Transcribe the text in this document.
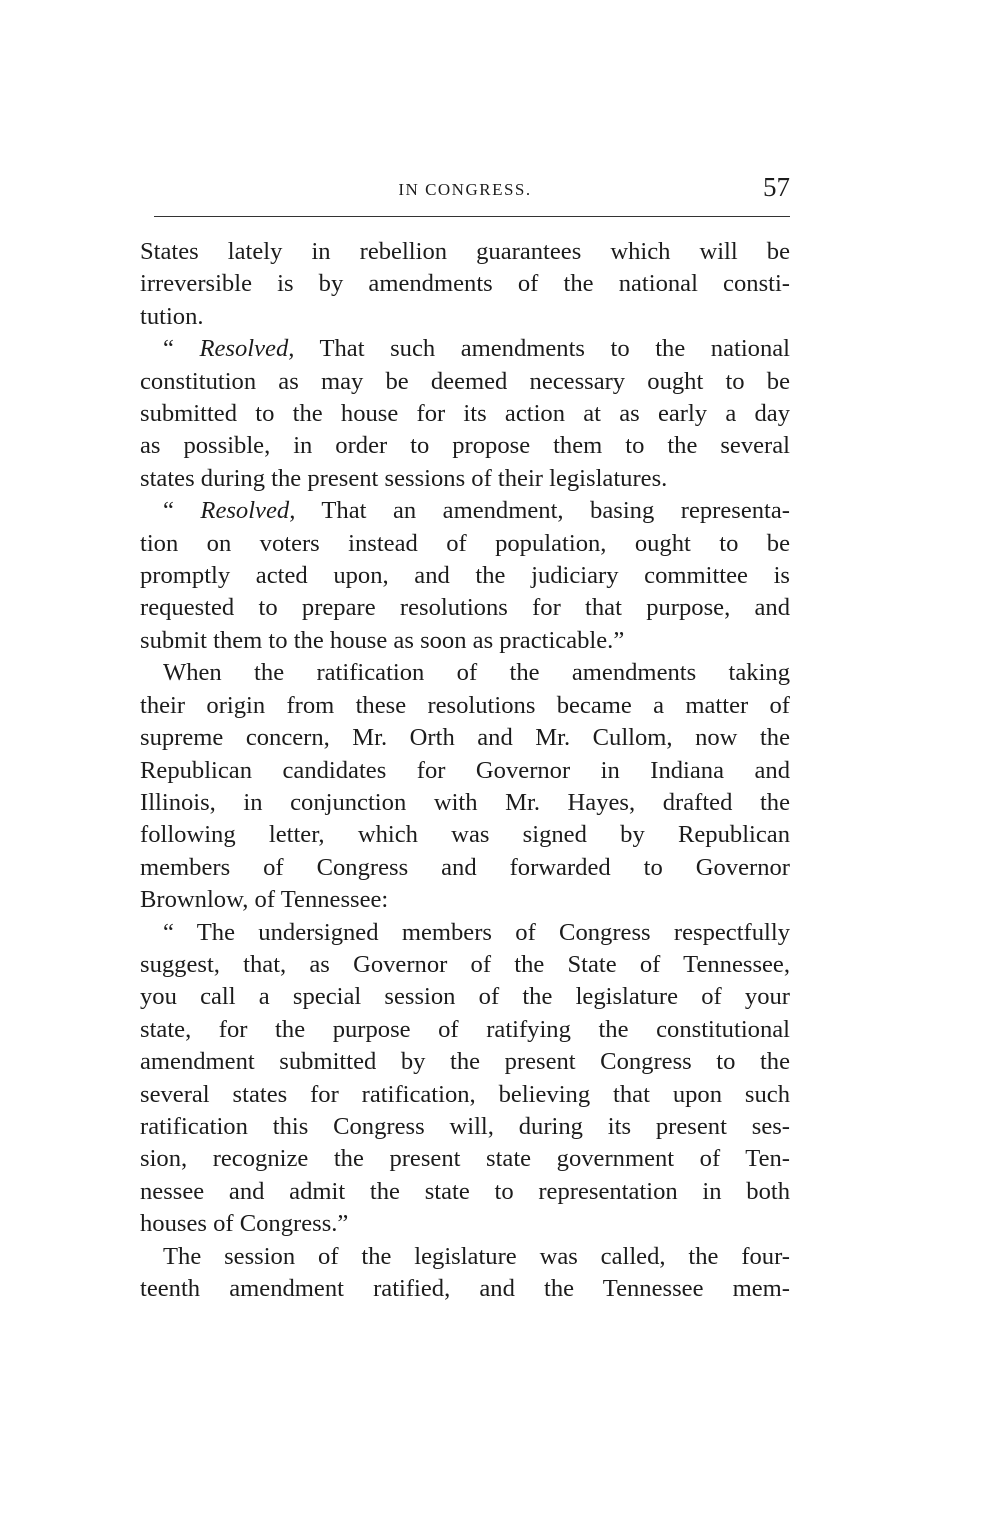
IN CONGRESS.	57

States lately in rebellion guarantees which will be
irreversible is by amendments of the national consti-
tution.

“ Resolved, That such amendments to the national
constitution as may be deemed necessary ought to be
submitted to the house for its action at as early a day
as possible, in order to propose them to the several
states during the present sessions of their legislatures.

“ Resolved, That an amendment, basing representa-
tion on voters instead of population, ought to be
promptly acted upon, and the judiciary committee is
requested to prepare resolutions for that purpose, and
submit them to the house as soon as practicable.”

When the ratification of the amendments taking
their origin from these resolutions became a matter of
supreme concern, Mr. Orth and Mr. Cullom, now the
Republican candidates for Governor in Indiana and
Illinois, in conjunction with Mr. Hayes, drafted the
following letter, which was signed by Republican
members of Congress and forwarded to Governor
Brownlow, of Tennessee:

“ The undersigned members of Congress respectfully
suggest, that, as Governor of the State of Tennessee,
you call a special session of the legislature of your
state, for the purpose of ratifying the constitutional
amendment submitted by the present Congress to the
several states for ratification, believing that upon such
ratification this Congress will, during its present ses-
sion, recognize the present state government of Ten-
nessee and admit the state to representation in both
houses of Congress.”

The session of the legislature was called, the four-
teenth amendment ratified, and the Tennessee mem-
